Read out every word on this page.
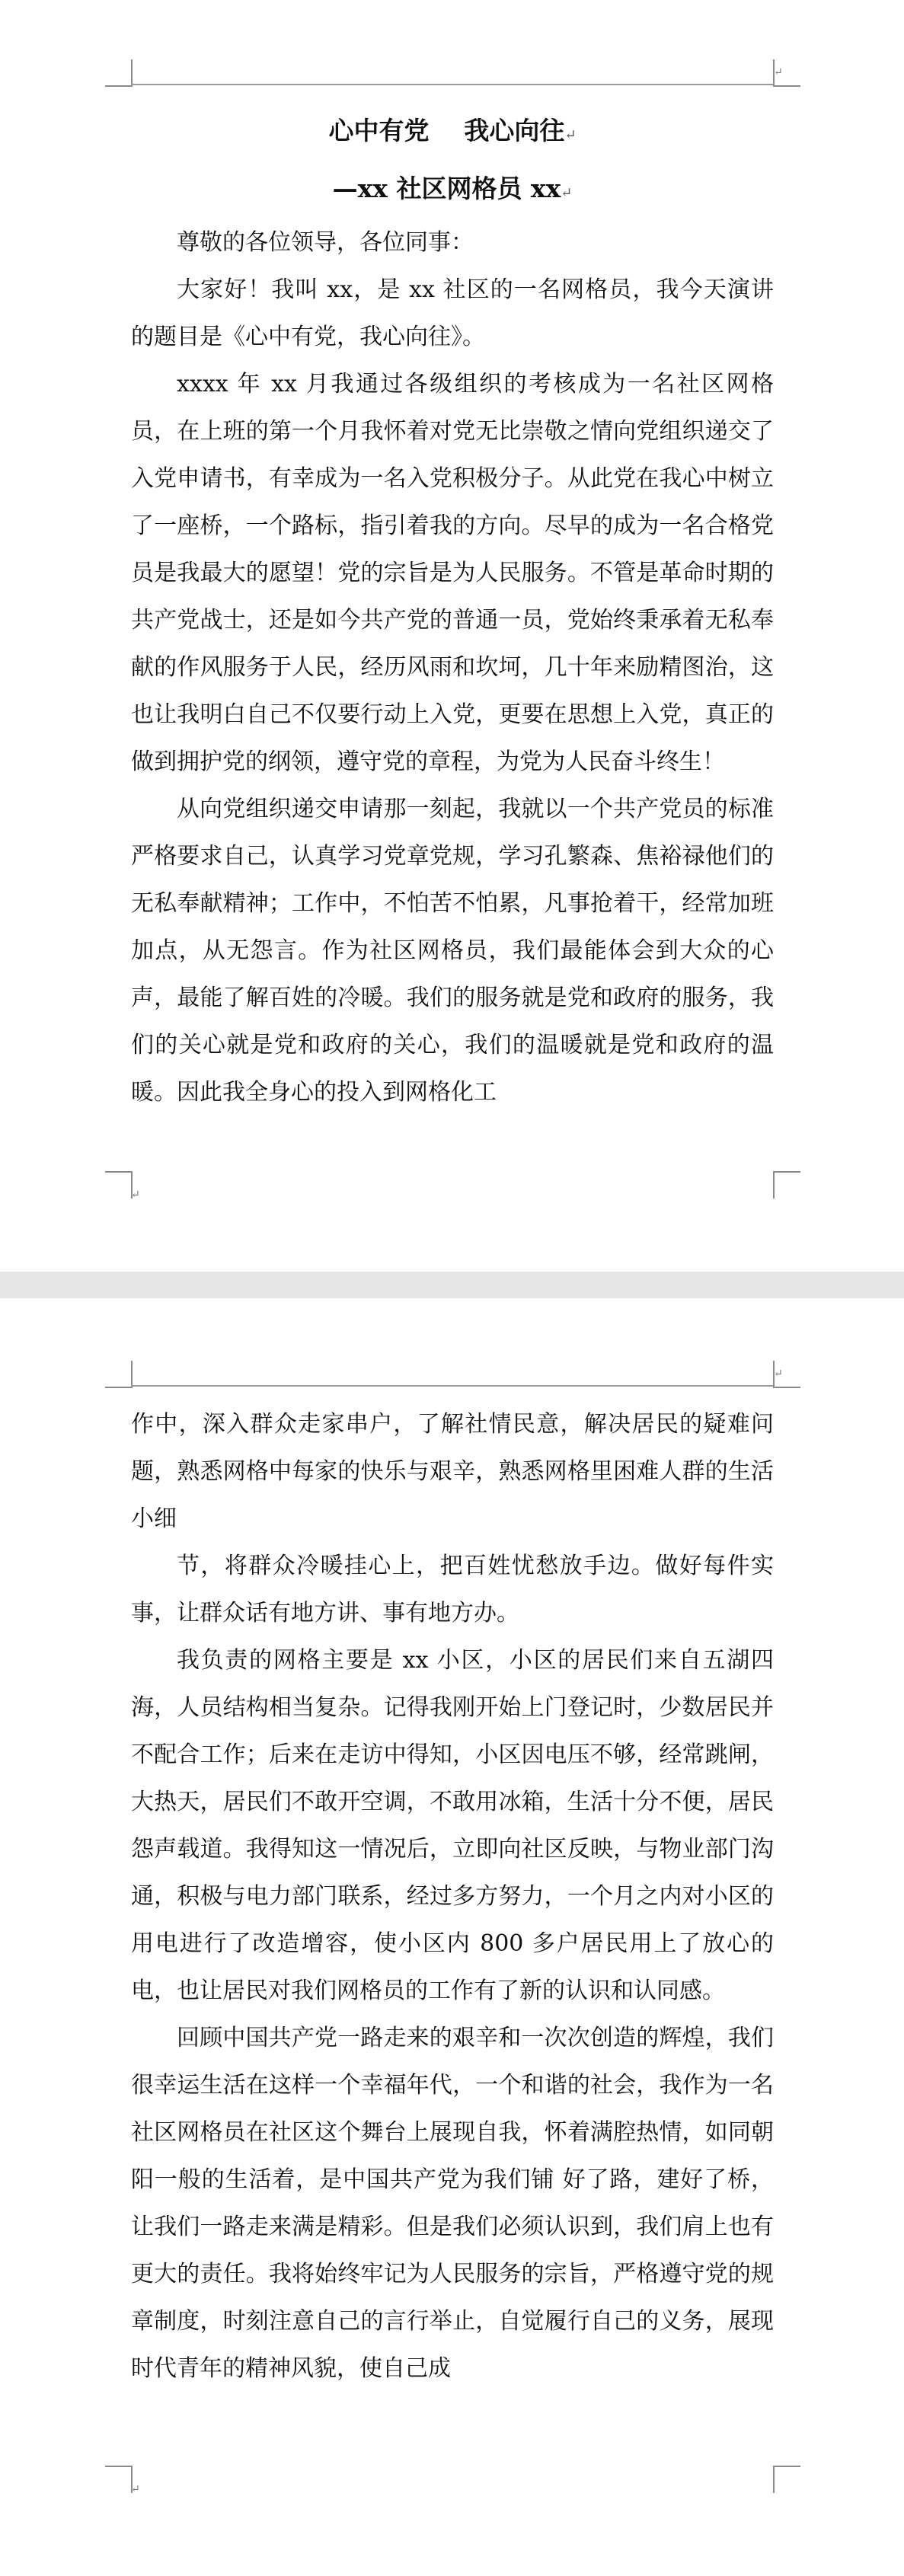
↵

心中有党    我心向往↵

—xx 社区网格员 xx↵

尊敬的各位领导，各位同事：

大家好！我叫 xx，是 xx 社区的一名网格员，我今天演讲的题目是《心中有党，我心向往》。

xxxx 年 xx 月我通过各级组织的考核成为一名社区网格员，在上班的第一个月我怀着对党无比崇敬之情向党组织递交了入党申请书，有幸成为一名入党积极分子。从此党在我心中树立了一座桥，一个路标，指引着我的方向。尽早的成为一名合格党员是我最大的愿望！党的宗旨是为人民服务。不管是革命时期的共产党战士，还是如今共产党的普通一员，党始终秉承着无私奉献的作风服务于人民，经历风雨和坎坷，几十年来励精图治，这也让我明白自己不仅要行动上入党，更要在思想上入党，真正的做到拥护党的纲领，遵守党的章程，为党为人民奋斗终生！

从向党组织递交申请那一刻起，我就以一个共产党员的标准严格要求自己，认真学习党章党规，学习孔繁森、焦裕禄他们的无私奉献精神；工作中，不怕苦不怕累，凡事抢着干，经常加班加点，从无怨言。作为社区网格员，我们最能体会到大众的心声，最能了解百姓的冷暖。我们的服务就是党和政府的服务，我们的关心就是党和政府的关心，我们的温暖就是党和政府的温暖。因此我全身心的投入到网格化工

↵
↵

作中，深入群众走家串户，了解社情民意，解决居民的疑难问题，熟悉网格中每家的快乐与艰辛，熟悉网格里困难人群的生活小细

节，将群众冷暖挂心上，把百姓忧愁放手边。做好每件实事，让群众话有地方讲、事有地方办。

我负责的网格主要是 xx 小区，小区的居民们来自五湖四海，人员结构相当复杂。记得我刚开始上门登记时，少数居民并不配合工作；后来在走访中得知，小区因电压不够，经常跳闸，大热天，居民们不敢开空调，不敢用冰箱，生活十分不便，居民怨声载道。我得知这一情况后，立即向社区反映，与物业部门沟通，积极与电力部门联系，经过多方努力，一个月之内对小区的用电进行了改造增容，使小区内 800 多户居民用上了放心的电，也让居民对我们网格员的工作有了新的认识和认同感。

回顾中国共产党一路走来的艰辛和一次次创造的辉煌，我们很幸运生活在这样一个幸福年代，一个和谐的社会，我作为一名社区网格员在社区这个舞台上展现自我，怀着满腔热情，如同朝阳一般的生活着，是中国共产党为我们铺 好了路，建好了桥，让我们一路走来满是精彩。但是我们必须认识到，我们肩上也有更大的责任。我将始终牢记为人民服务的宗旨，严格遵守党的规章制度，时刻注意自己的言行举止，自觉履行自己的义务，展现时代青年的精神风貌，使自己成

↵
